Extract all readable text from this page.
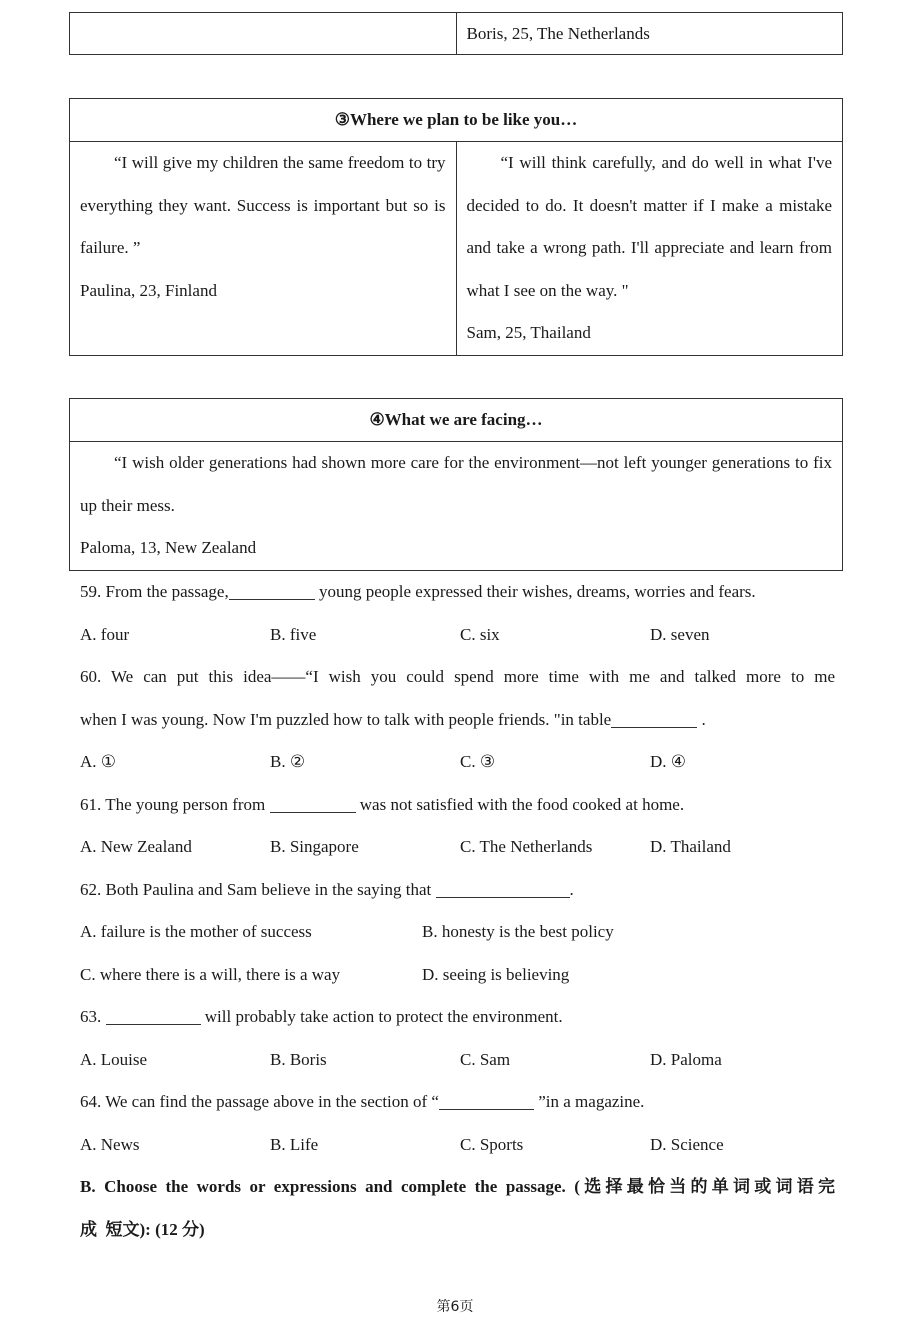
	Boris, 25, The Netherlands
③Where we plan to be like you…

“I will give my children the same freedom to try everything they want. Success is important but so is failure. ”

Paulina, 23, Finland

“I will think carefully, and do well in what I've decided to do. It doesn't matter if I make a mistake and take a wrong path. I'll appreciate and learn from what I see on the way. "

Sam, 25, Thailand

④What we are facing…

“I wish older generations had shown more care for the environment—not left younger generations to fix up their mess.

Paloma, 13, New Zealand

59. From the passage,	young people expressed their wishes, dreams, worries and fears.
A. four	B. five	C. six	D. seven
60. We can put this idea——“I wish you could spend more time with me and talked more to me
when I was young. Now I'm puzzled how to talk with people friends. "in table	.
A. ①	B. ②	C. ③	D. ④
61. The young person from	was not satisfied with the food cooked at home.
A. New Zealand	B. Singapore	C. The Netherlands	D. Thailand
62. Both Paulina and Sam believe in the saying that	.
A. failure is the mother of success	B. honesty is the best policy
C. where there is a will, there is a way	D. seeing is believing
63.	will probably take action to protect the environment.
A. Louise	B. Boris	C. Sam	D. Paloma
64. We can find the passage above in the section of “	”in a magazine.
A. News	B. Life	C. Sports	D. Science
B. Choose the words or expressions and complete the passage. (选择最恰当的单词或词语完
成  短文): (12 分)
第6页
